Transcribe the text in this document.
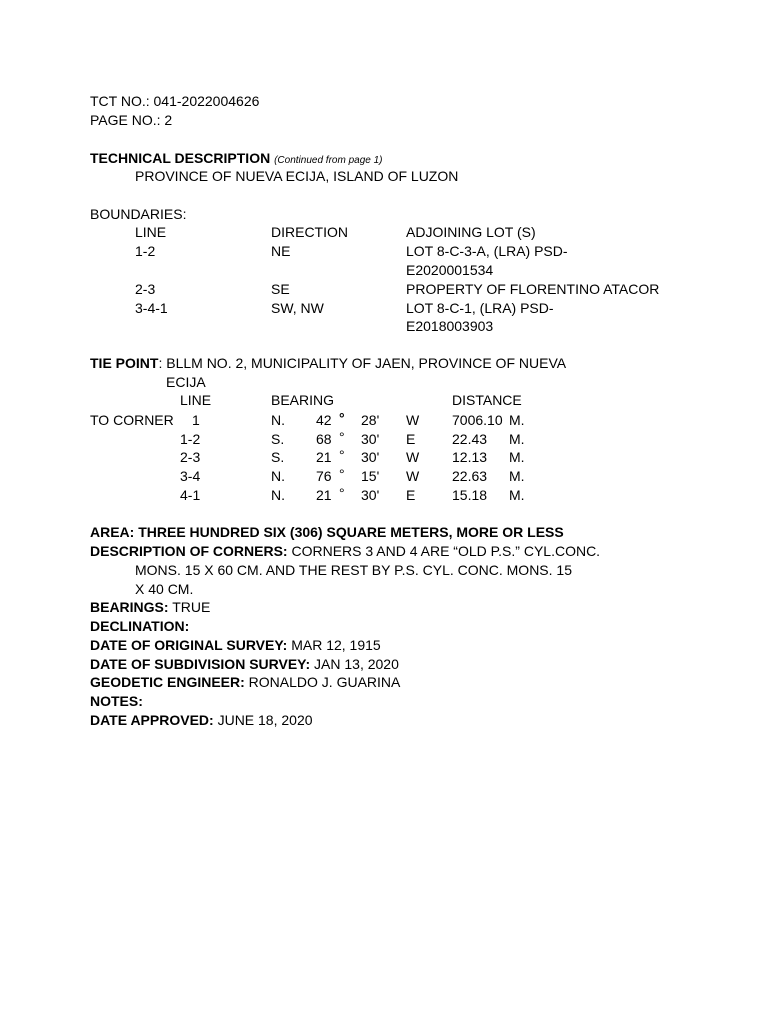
TCT NO.: 041-2022004626
PAGE NO.: 2
TECHNICAL DESCRIPTION (Continued from page 1)
PROVINCE OF NUEVA ECIJA, ISLAND OF LUZON
BOUNDARIES:
LINE	DIRECTION	ADJOINING LOT (S)
1-2	NE	LOT 8-C-3-A, (LRA) PSD-
E2020001534
2-3	SE	PROPERTY OF FLORENTINO ATACOR
3-4-1	SW, NW	LOT 8-C-1, (LRA) PSD-
E2018003903
TIE POINT: BLLM NO. 2, MUNICIPALITY OF JAEN, PROVINCE OF NUEVA
ECIJA
LINE	BEARING	DISTANCE
TO CORNER 1	N. 42 ° 28' W 7006.10 M.
1-2	S. 68 ° 30' E	22.43 M.
2-3	S. 21 ° 30' W 12.13 M.
3-4	N. 76 ° 15' W 22.63 M.
4-1	N. 21 ° 30' E	15.18 M.
AREA: THREE HUNDRED SIX (306) SQUARE METERS, MORE OR LESS
DESCRIPTION OF CORNERS: CORNERS 3 AND 4 ARE “OLD P.S.” CYL.CONC.
MONS. 15 X 60 CM. AND THE REST BY P.S. CYL. CONC. MONS. 15
X 40 CM.
BEARINGS: TRUE
DECLINATION:
DATE OF ORIGINAL SURVEY: MAR 12, 1915
DATE OF SUBDIVISION SURVEY: JAN 13, 2020
GEODETIC ENGINEER: RONALDO J. GUARINA
NOTES:
DATE APPROVED: JUNE 18, 2020
